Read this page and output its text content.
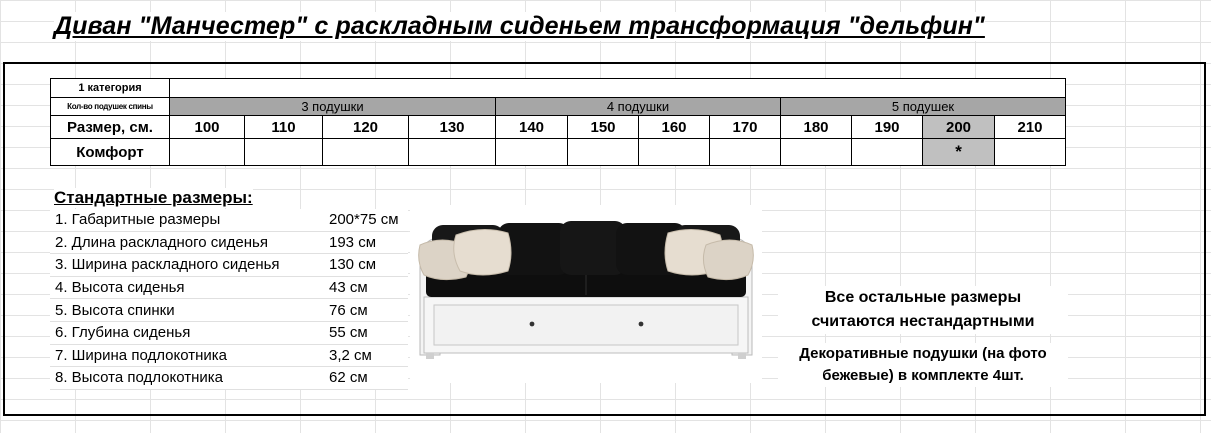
Диван "Манчестер" с раскладным сиденьем трансформация "дельфин"
1 категория												
Кол-во подушек спины	3 подушки				4 подушки				5 подушек			
Размер, см.	100	110	120	130	140	150	160	170	180	190	200	210
Комфорт											*	
Стандартные размеры:
1. Габаритные размеры	200*75 см
2. Длина раскладного сиденья	193 см
3. Ширина раскладного сиденья	130 см
4. Высота сиденья	43 см
5. Высота спинки	76 см
6. Глубина сиденья	55 см
7. Ширина подлокотника	3,2 см
8. Высота подлокотника	62 см

Все остальные размеры
считаются нестандартными

Декоративные подушки (на фото
бежевые) в комплекте 4шт.
